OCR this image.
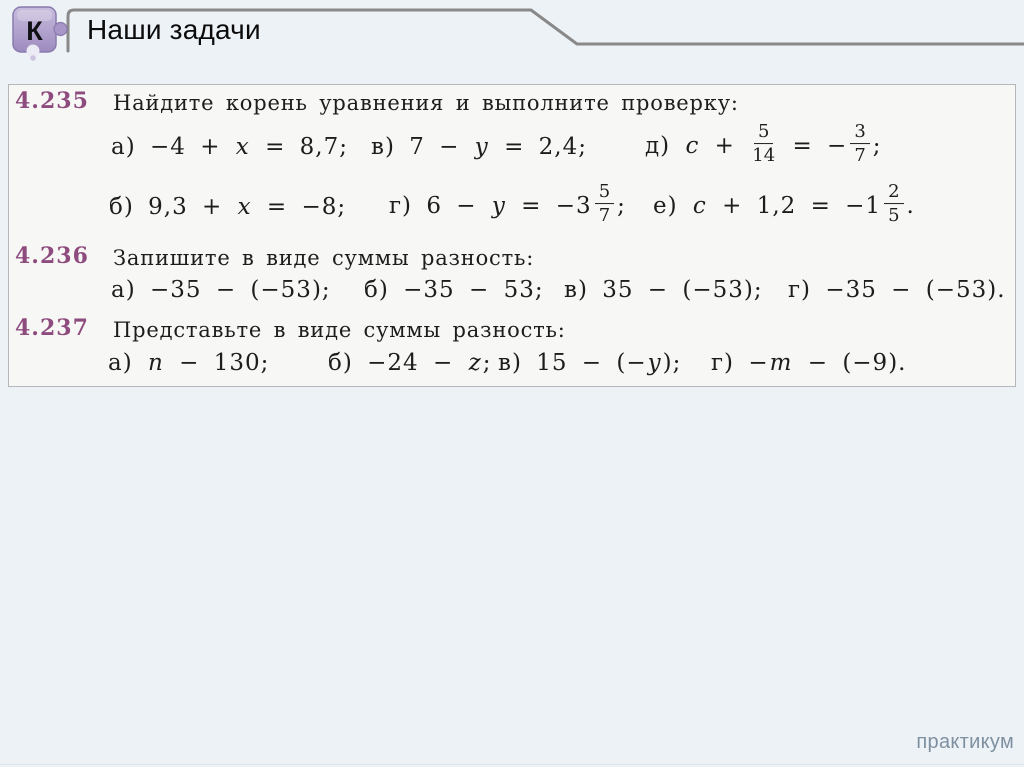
К	Наши задачи
4.235 Найдите корень уравнения и выполните проверку:
а) −4 + x = 8,7; в) 7 − y = 2,4;	д) $c + \frac{5}{14}$ = − $\frac{3}{7}$ ;
б) 9,3 + x = −8; г) $6 - y = -3 \frac{5}{7}$ ; е) $c + 1,2 = -1 \frac{2}{5}$ .
4.236 Запишите в виде суммы разность:
а) −35 − (−53); б) −35 − 53; в) 35 − (−53); г) −35 − (−53).
4.237 Представьте в виде суммы разность:
а) n − 130;	б) −24 − z; в) 15 − (−y); г) −m − (−9).
практикум
